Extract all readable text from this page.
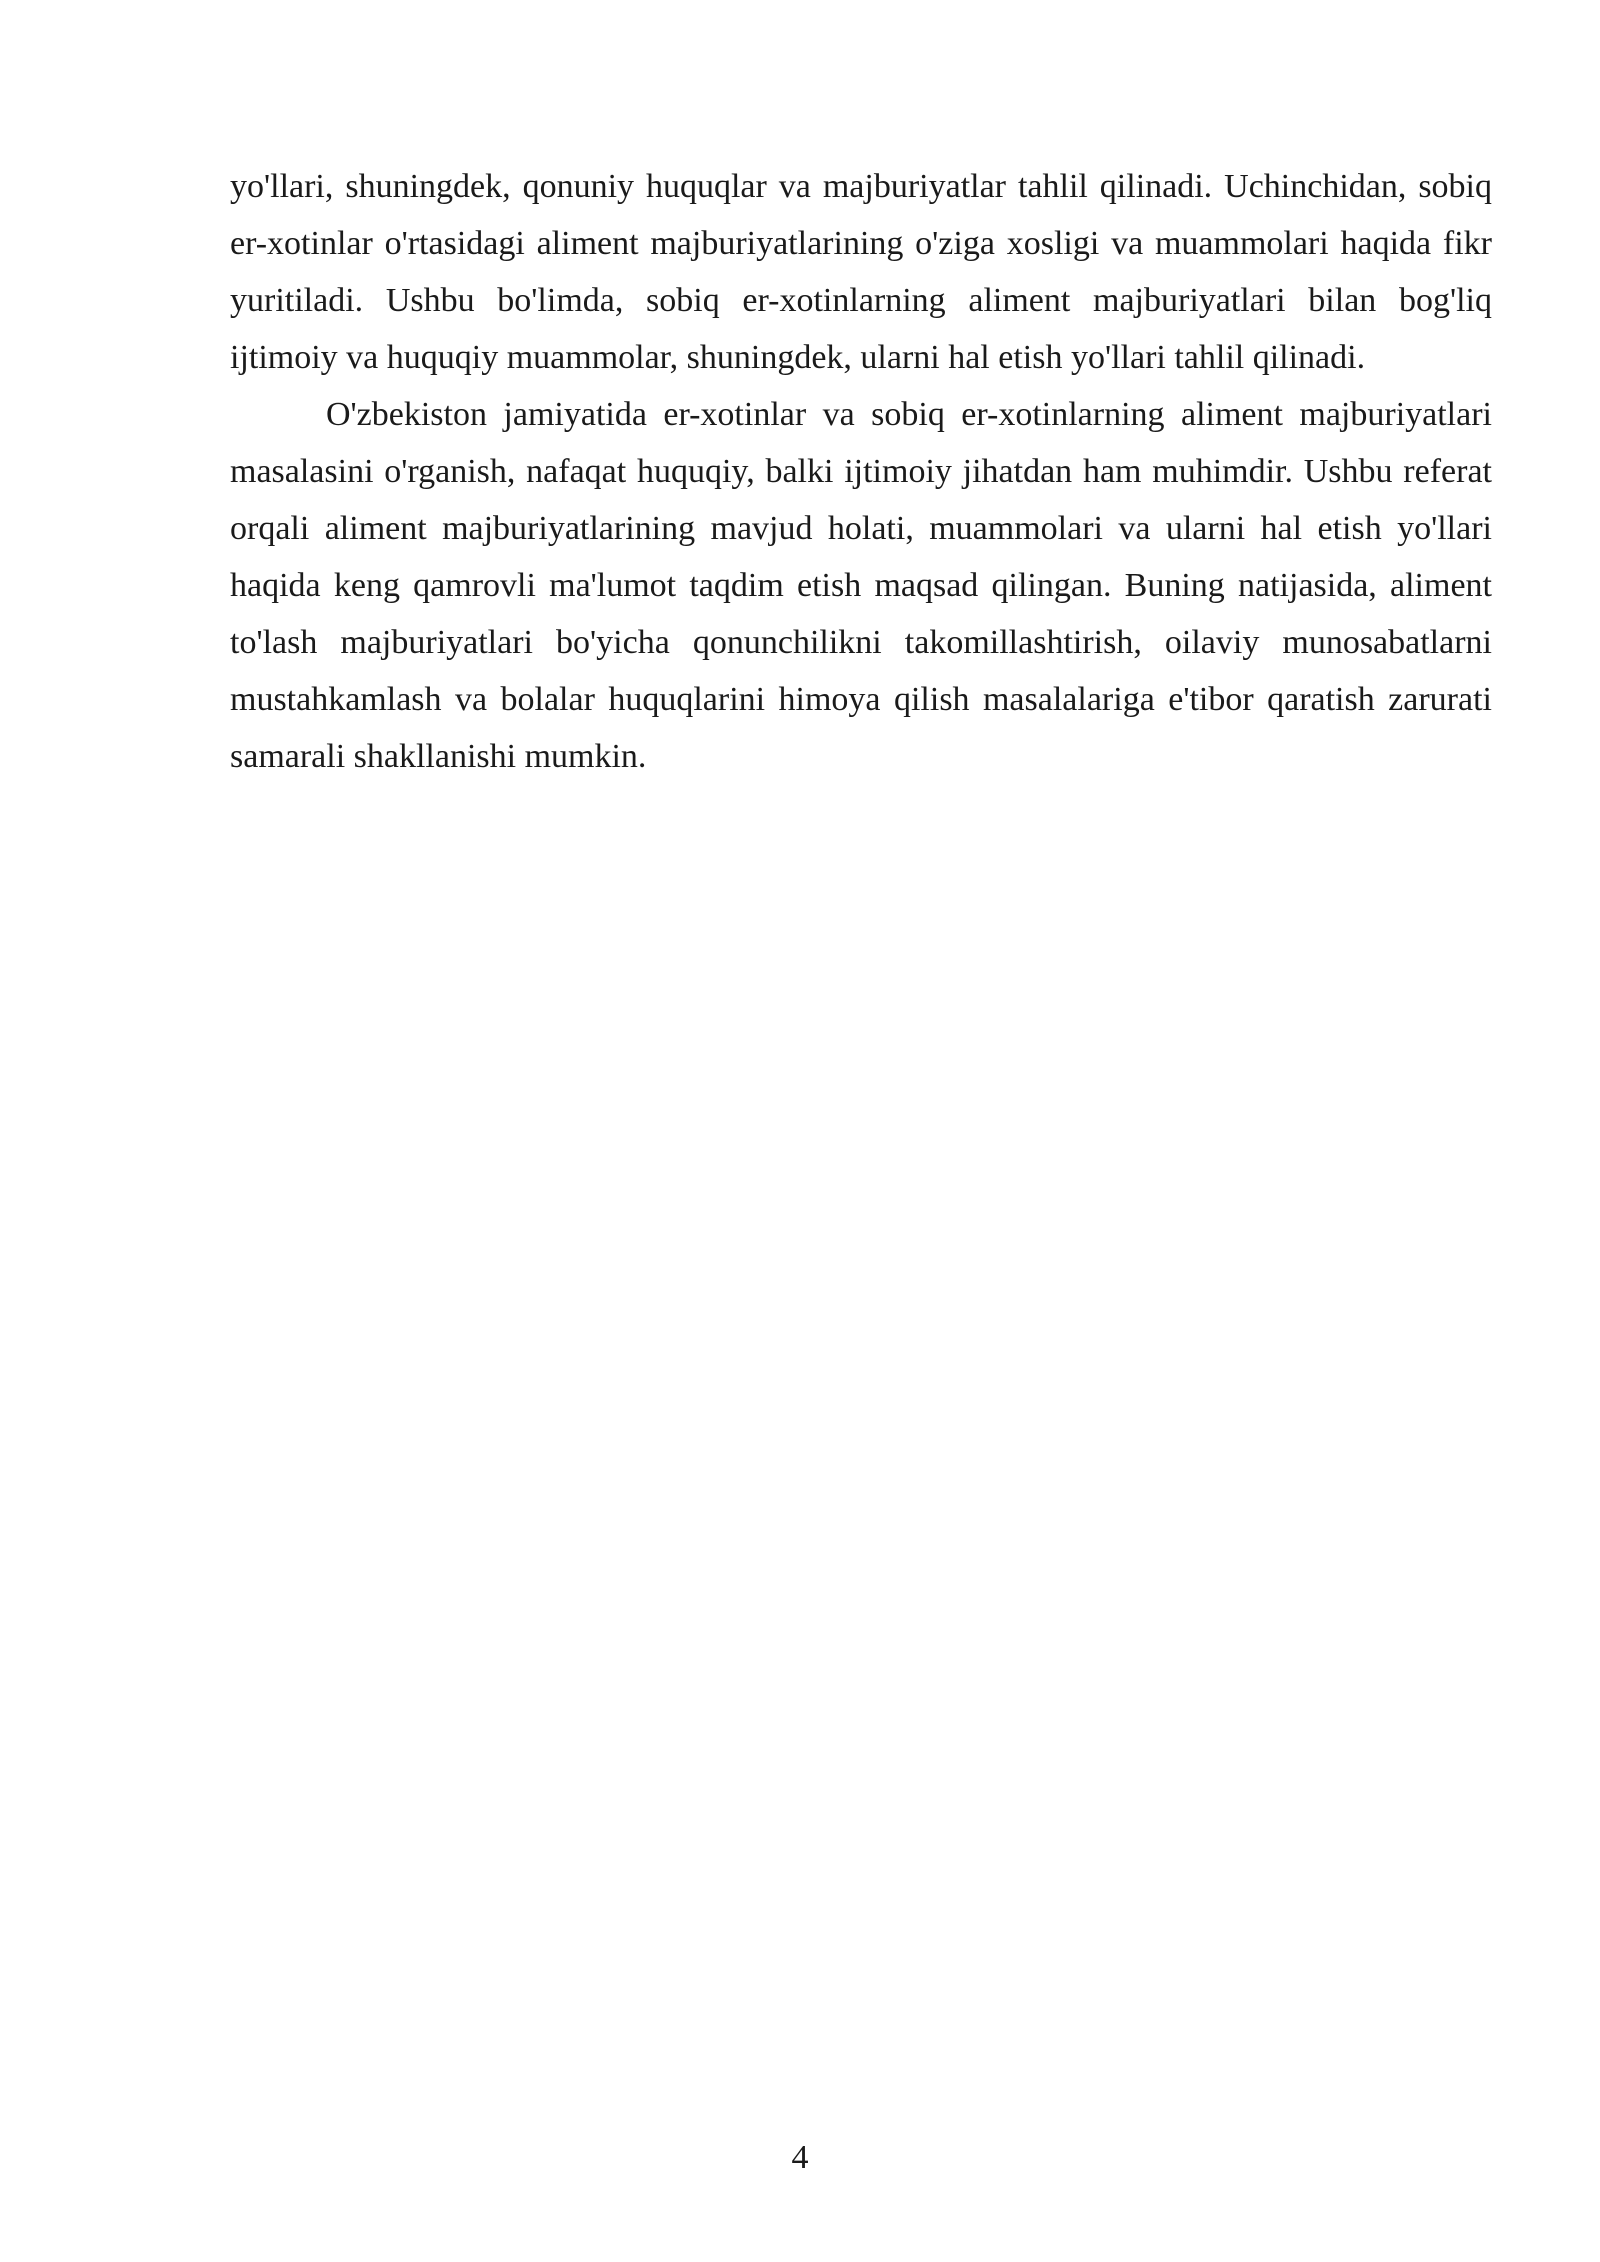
yo'llari, shuningdek, qonuniy huquqlar va majburiyatlar tahlil qilinadi. Uchinchidan, sobiq er-xotinlar o'rtasidagi aliment majburiyatlarining o'ziga xosligi va muammolari haqida fikr yuritiladi. Ushbu bo'limda, sobiq er-xotinlarning aliment majburiyatlari bilan bog'liq ijtimoiy va huquqiy muammolar, shuningdek, ularni hal etish yo'llari tahlil qilinadi.

O'zbekiston jamiyatida er-xotinlar va sobiq er-xotinlarning aliment majburiyatlari masalasini o'rganish, nafaqat huquqiy, balki ijtimoiy jihatdan ham muhimdir. Ushbu referat orqali aliment majburiyatlarining mavjud holati, muammolari va ularni hal etish yo'llari haqida keng qamrovli ma'lumot taqdim etish maqsad qilingan. Buning natijasida, aliment to'lash majburiyatlari bo'yicha qonunchilikni takomillashtirish, oilaviy munosabatlarni mustahkamlash va bolalar huquqlarini himoya qilish masalalariga e'tibor qaratish zarurati samarali shakllanishi mumkin.

4
